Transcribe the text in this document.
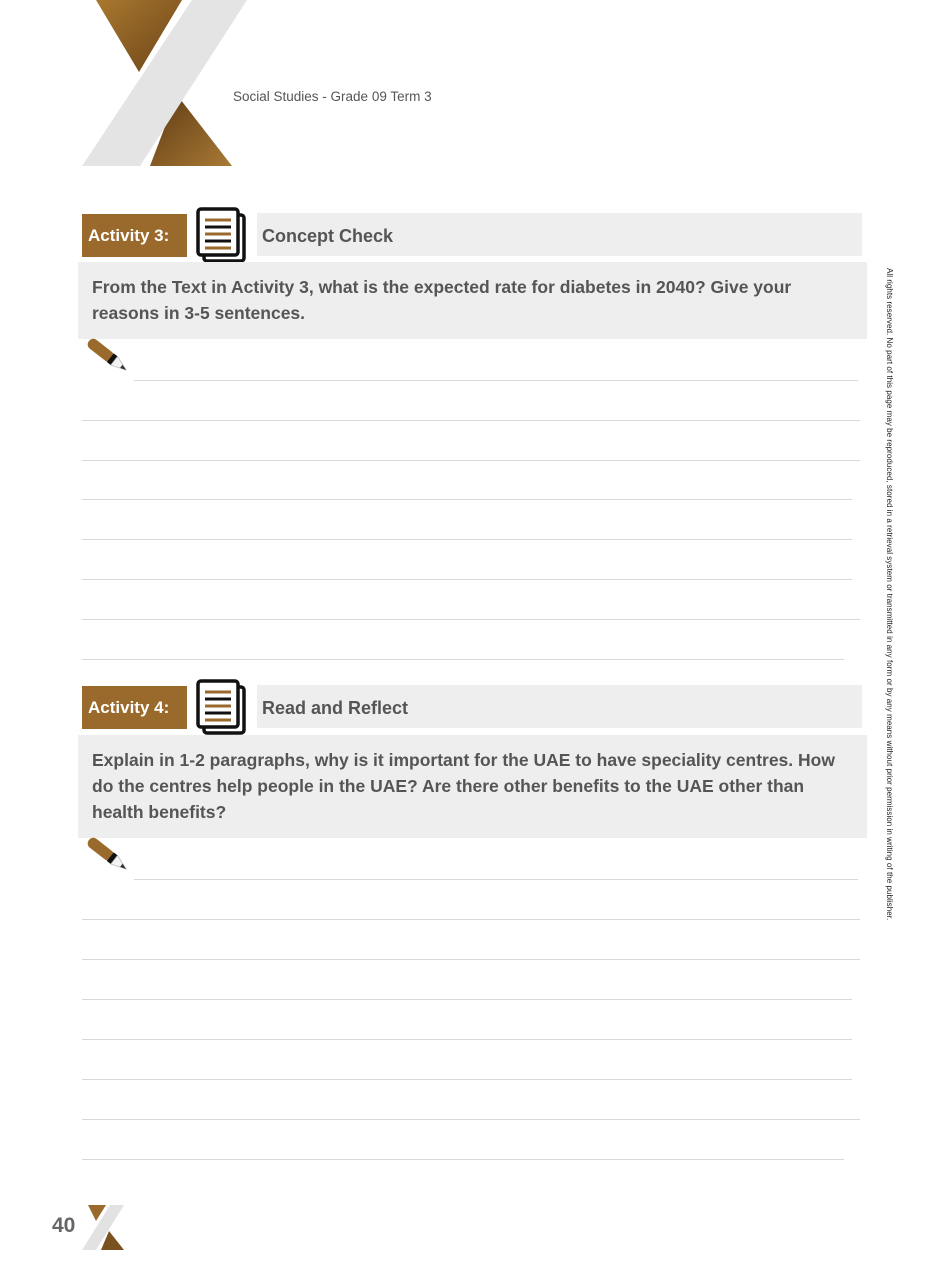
Social Studies - Grade 09 Term 3
Activity 3:	Concept Check
From the Text in Activity 3, what is the expected rate for diabetes in 2040? Give your reasons in 3-5 sentences.
Activity 4:	Read and Reflect
Explain in 1-2 paragraphs, why is it important for the UAE to have speciality centres. How do the centres help people in the UAE? Are there other benefits to the UAE other than health benefits?	All rights reserved. No part of this page may be reproduced, stored in a retrieval system or transmitted in any form or by any means without prior permission in writing of the publisher.
40
